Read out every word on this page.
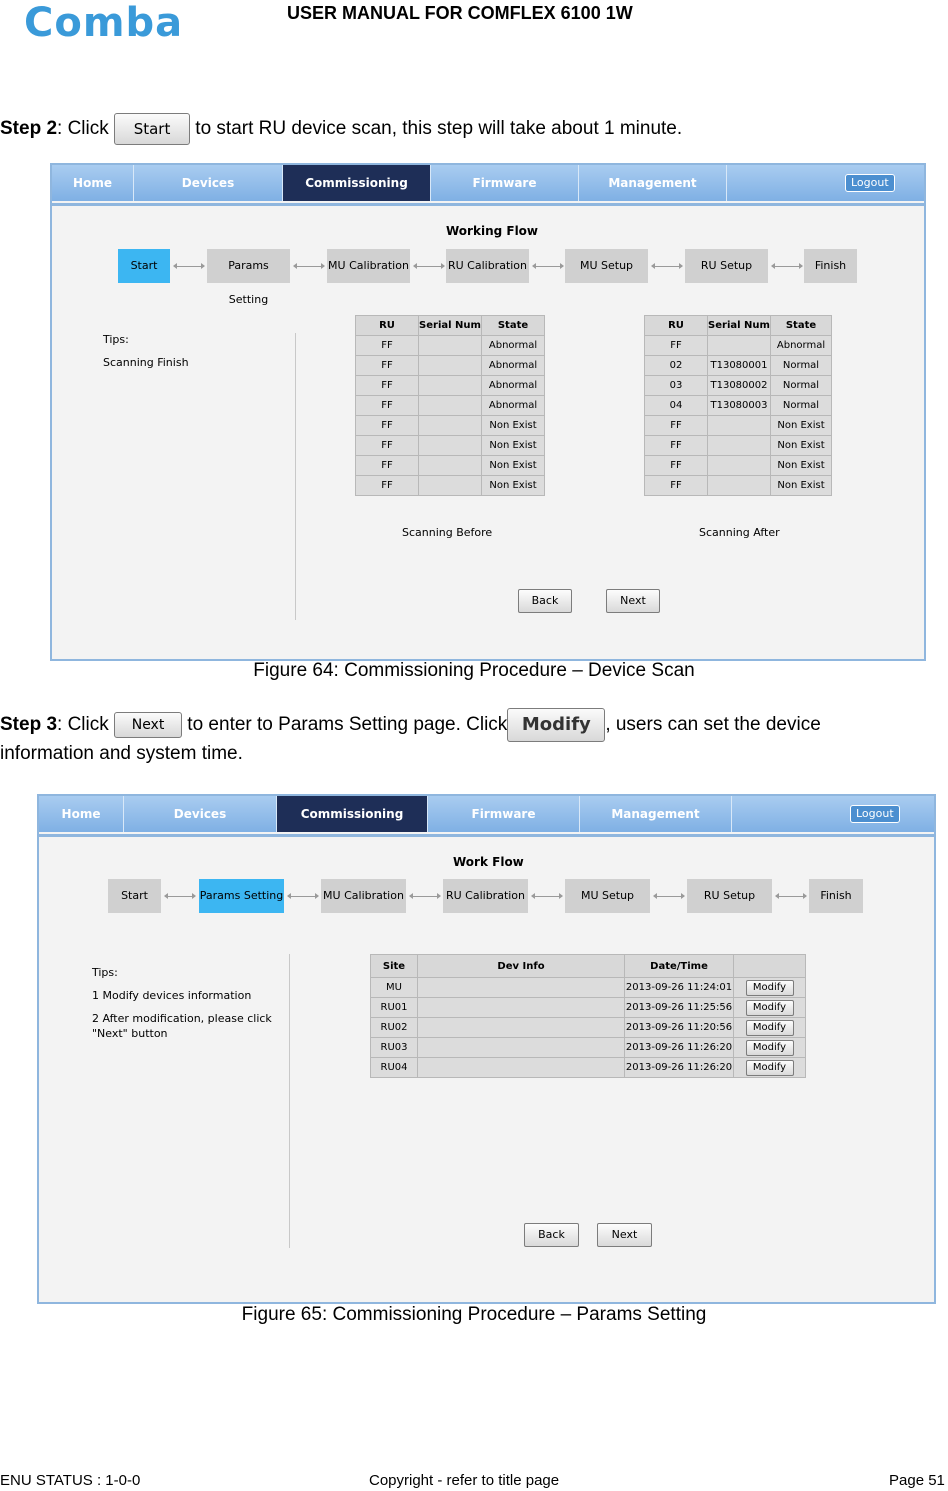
Comba	USER MANUAL FOR COMFLEX 6100 1W
Step 2: Click Start to start RU device scan, this step will take about 1 minute.
Home	Devices	Commissioning	Firmware	Management	Logout
Working Flow
Start	Params Setting
MU Calibration	RU Calibration	MU Setup	RU Setup	Finish
Tips:
Scanning Finish
RU	Serial Num	State
FF		Abnormal
FF		Abnormal
FF		Abnormal
FF		Abnormal
FF		Non Exist
FF		Non Exist
FF		Non Exist
FF		Non Exist
RU	Serial Num	State
FF		Abnormal
02	T13080001	Normal
03	T13080002	Normal
04	T13080003	Normal
FF		Non Exist
FF		Non Exist
FF		Non Exist
FF		Non Exist
Scanning Before	Scanning After
Back	Next
Figure 64: Commissioning Procedure – Device Scan
Step 3: Click Next to enter to Params Setting page. Click Modify , users can set the device
information and system time.
Home	Devices	Commissioning	Firmware	Management	Logout
Work Flow
Start	Params Setting	MU Calibration	RU Calibration	MU Setup	RU Setup	Finish
Tips:
1 Modify devices information
2 After modification, please click
"Next" button
Site	Dev Info	Date/Time	
MU		2013-09-26 11:24:01	Modify
RU01		2013-09-26 11:25:56	Modify
RU02		2013-09-26 11:20:56	Modify
RU03		2013-09-26 11:26:20	Modify
RU04		2013-09-26 11:26:20	Modify
Back	Next
Figure 65: Commissioning Procedure – Params Setting
ENU STATUS : 1-0-0	Copyright - refer to title page	Page 51
